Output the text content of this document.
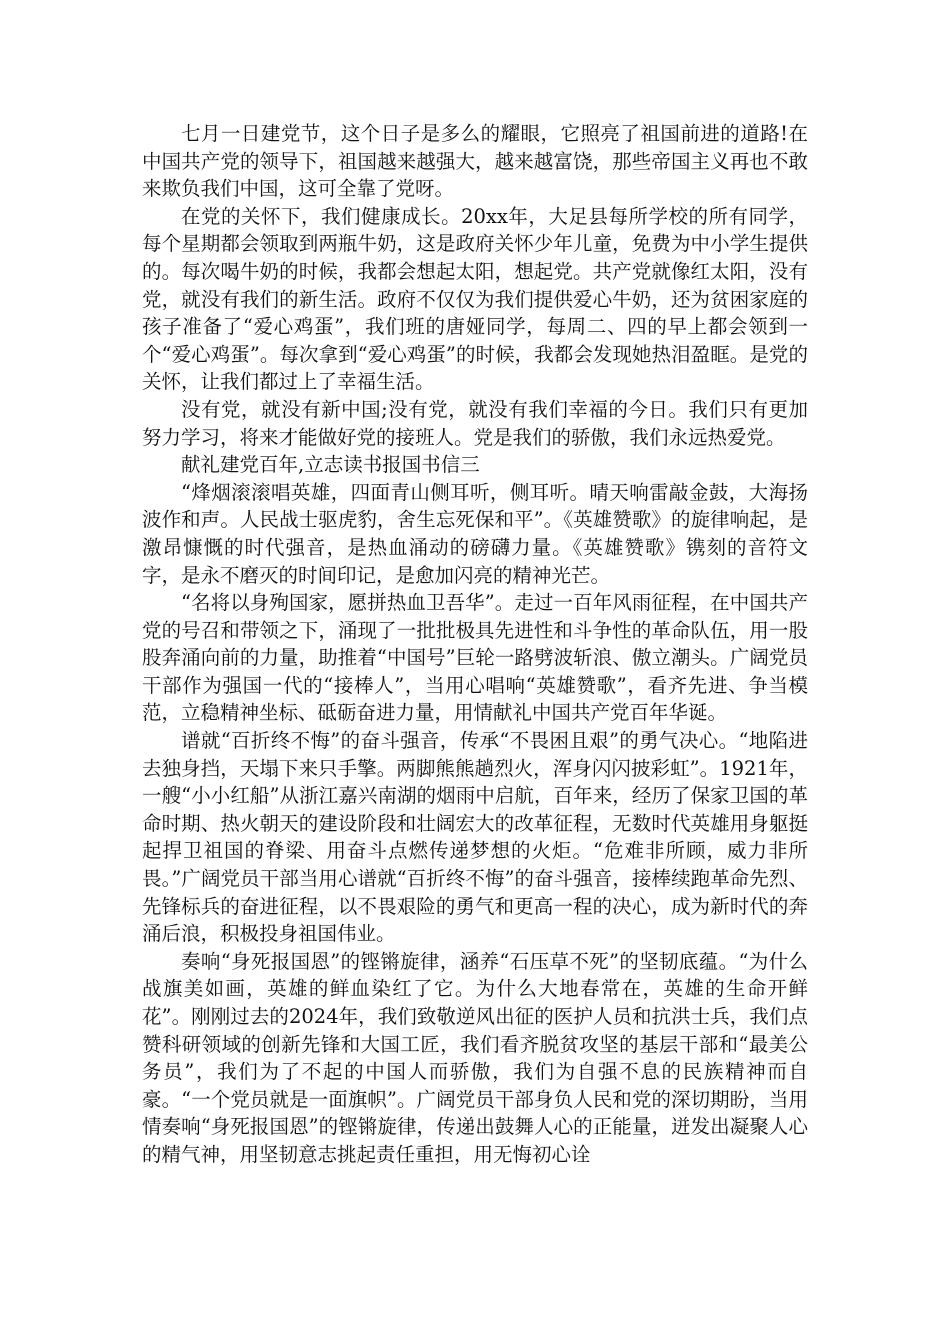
七月一日建党节，这个日子是多么的耀眼，它照亮了祖国前进的道路!在中国共产党的领导下，祖国越来越强大，越来越富饶，那些帝国主义再也不敢来欺负我们中国，这可全靠了党呀。

在党的关怀下，我们健康成长。20xx年，大足县每所学校的所有同学，每个星期都会领取到两瓶牛奶，这是政府关怀少年儿童，免费为中小学生提供的。每次喝牛奶的时候，我都会想起太阳，想起党。共产党就像红太阳，没有党，就没有我们的新生活。政府不仅仅为我们提供爱心牛奶，还为贫困家庭的孩子准备了“爱心鸡蛋”，我们班的唐娅同学，每周二、四的早上都会领到一个“爱心鸡蛋”。每次拿到“爱心鸡蛋”的时候，我都会发现她热泪盈眶。是党的关怀，让我们都过上了幸福生活。

没有党，就没有新中国;没有党，就没有我们幸福的今日。我们只有更加努力学习，将来才能做好党的接班人。党是我们的骄傲，我们永远热爱党。

献礼建党百年,立志读书报国书信三

“烽烟滚滚唱英雄，四面青山侧耳听，侧耳听。晴天响雷敲金鼓，大海扬波作和声。人民战士驱虎豹，舍生忘死保和平”。《英雄赞歌》的旋律响起，是激昂慷慨的时代强音，是热血涌动的磅礴力量。《英雄赞歌》镌刻的音符文字，是永不磨灭的时间印记，是愈加闪亮的精神光芒。

“名将以身殉国家，愿拼热血卫吾华”。走过一百年风雨征程，在中国共产党的号召和带领之下，涌现了一批批极具先进性和斗争性的革命队伍，用一股股奔涌向前的力量，助推着“中国号”巨轮一路劈波斩浪、傲立潮头。广阔党员干部作为强国一代的“接棒人”，当用心唱响“英雄赞歌”，看齐先进、争当模范，立稳精神坐标、砥砺奋进力量，用情献礼中国共产党百年华诞。

谱就“百折终不悔”的奋斗强音，传承“不畏困且艰”的勇气决心。“地陷进去独身挡，天塌下来只手擎。两脚熊熊趟烈火，浑身闪闪披彩虹”。1921年，一艘“小小红船”从浙江嘉兴南湖的烟雨中启航，百年来，经历了保家卫国的革命时期、热火朝天的建设阶段和壮阔宏大的改革征程，无数时代英雄用身躯挺起捍卫祖国的脊梁、用奋斗点燃传递梦想的火炬。“危难非所顾，威力非所畏。”广阔党员干部当用心谱就“百折终不悔”的奋斗强音，接棒续跑革命先烈、先锋标兵的奋进征程，以不畏艰险的勇气和更高一程的决心，成为新时代的奔涌后浪，积极投身祖国伟业。

奏响“身死报国恩”的铿锵旋律，涵养“石压草不死”的坚韧底蕴。“为什么战旗美如画，英雄的鲜血染红了它。为什么大地春常在，英雄的生命开鲜花”。刚刚过去的2024年，我们致敬逆风出征的医护人员和抗洪士兵，我们点赞科研领域的创新先锋和大国工匠，我们看齐脱贫攻坚的基层干部和“最美公务员”，我们为了不起的中国人而骄傲，我们为自强不息的民族精神而自豪。“一个党员就是一面旗帜”。广阔党员干部身负人民和党的深切期盼，当用情奏响“身死报国恩”的铿锵旋律，传递出鼓舞人心的正能量，迸发出凝聚人心的精气神，用坚韧意志挑起责任重担，用无悔初心诠
